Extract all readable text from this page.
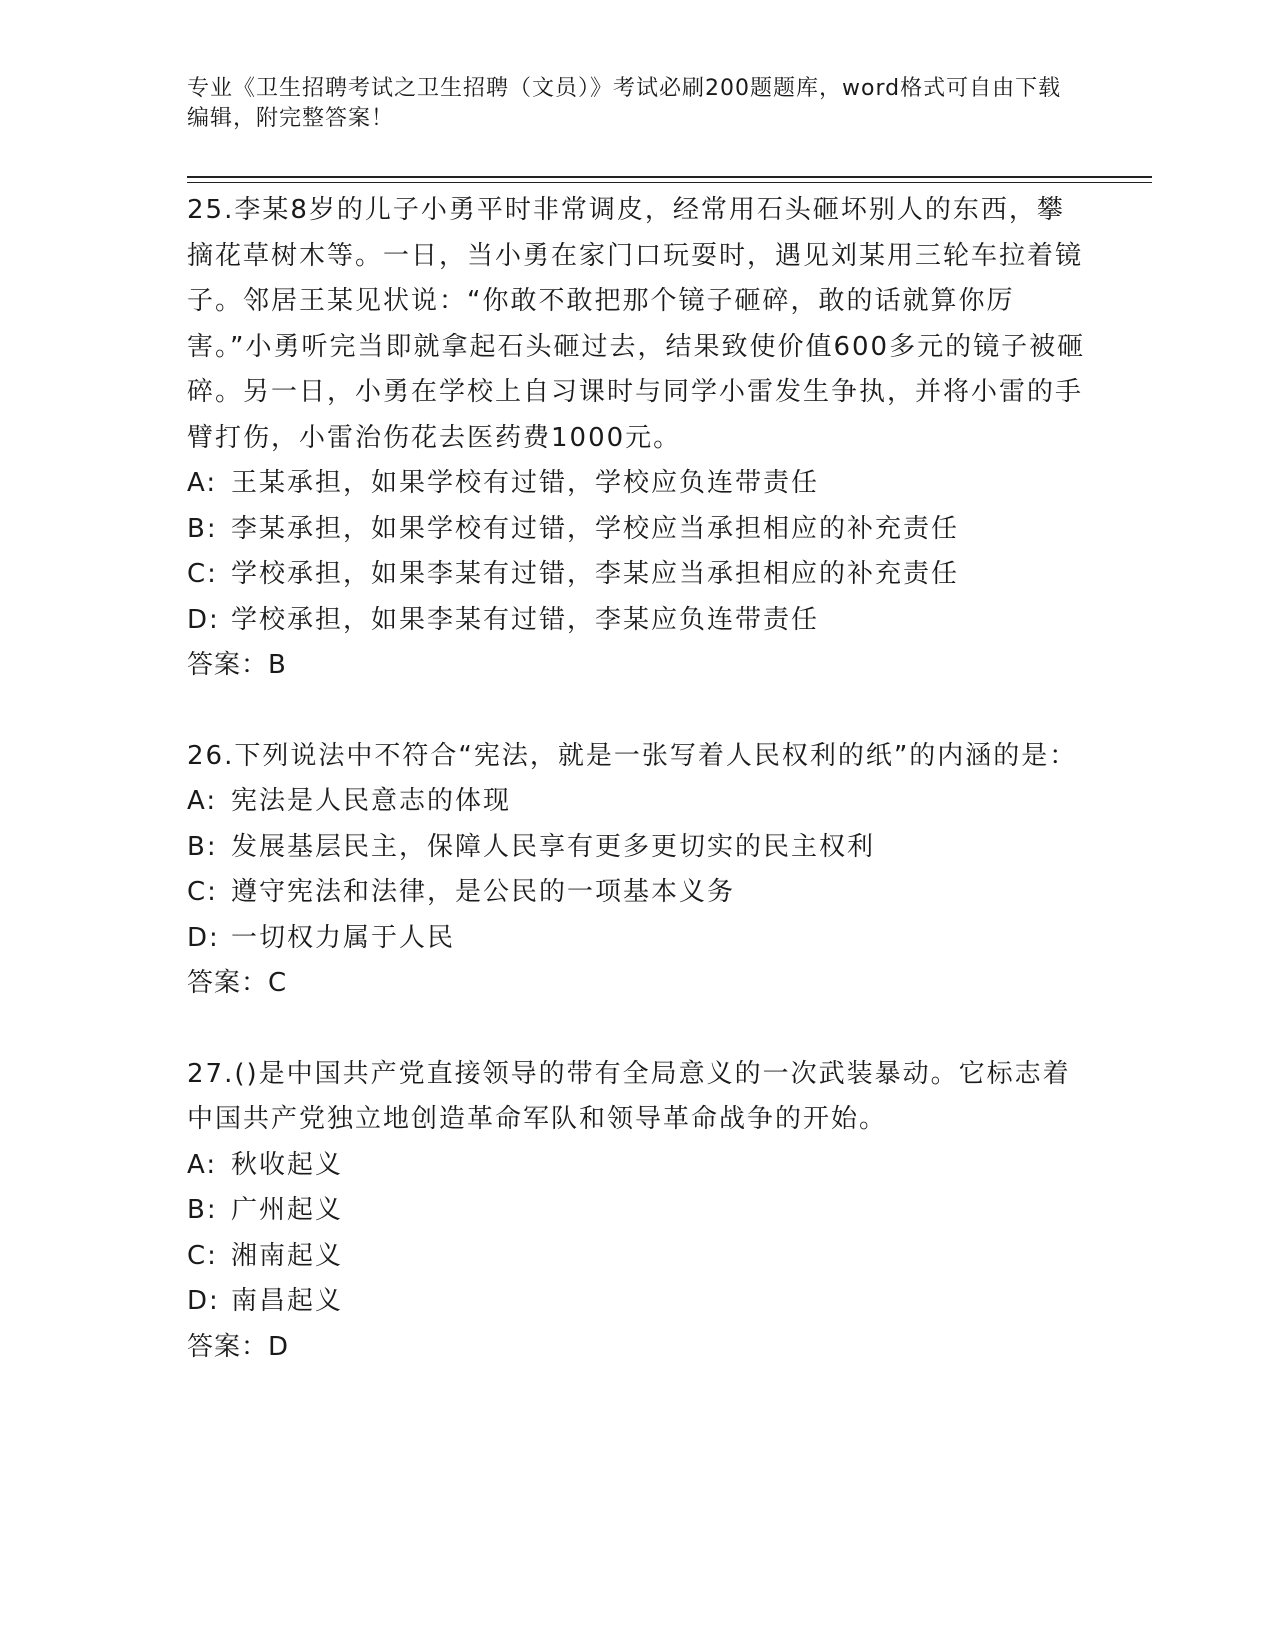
专业《卫生招聘考试之卫生招聘（文员）》考试必刷200题题库，word格式可自由下载编辑，附完整答案！

25.李某8岁的儿子小勇平时非常调皮，经常用石头砸坏别人的东西，攀摘花草树木等。一日，当小勇在家门口玩耍时，遇见刘某用三轮车拉着镜子。邻居王某见状说：“你敢不敢把那个镜子砸碎，敢的话就算你厉害。”小勇听完当即就拿起石头砸过去，结果致使价值600多元的镜子被砸碎。另一日，小勇在学校上自习课时与同学小雷发生争执，并将小雷的手臂打伤，小雷治伤花去医药费1000元。

A: 王某承担，如果学校有过错，学校应负连带责任

B: 李某承担，如果学校有过错，学校应当承担相应的补充责任

C: 学校承担，如果李某有过错，李某应当承担相应的补充责任

D: 学校承担，如果李某有过错，李某应负连带责任

答案：B

26.下列说法中不符合“宪法，就是一张写着人民权利的纸”的内涵的是：

A: 宪法是人民意志的体现

B: 发展基层民主，保障人民享有更多更切实的民主权利

C: 遵守宪法和法律，是公民的一项基本义务

D: 一切权力属于人民

答案：C

27.()是中国共产党直接领导的带有全局意义的一次武装暴动。它标志着中国共产党独立地创造革命军队和领导革命战争的开始。

A: 秋收起义

B: 广州起义

C: 湘南起义

D: 南昌起义

答案：D
